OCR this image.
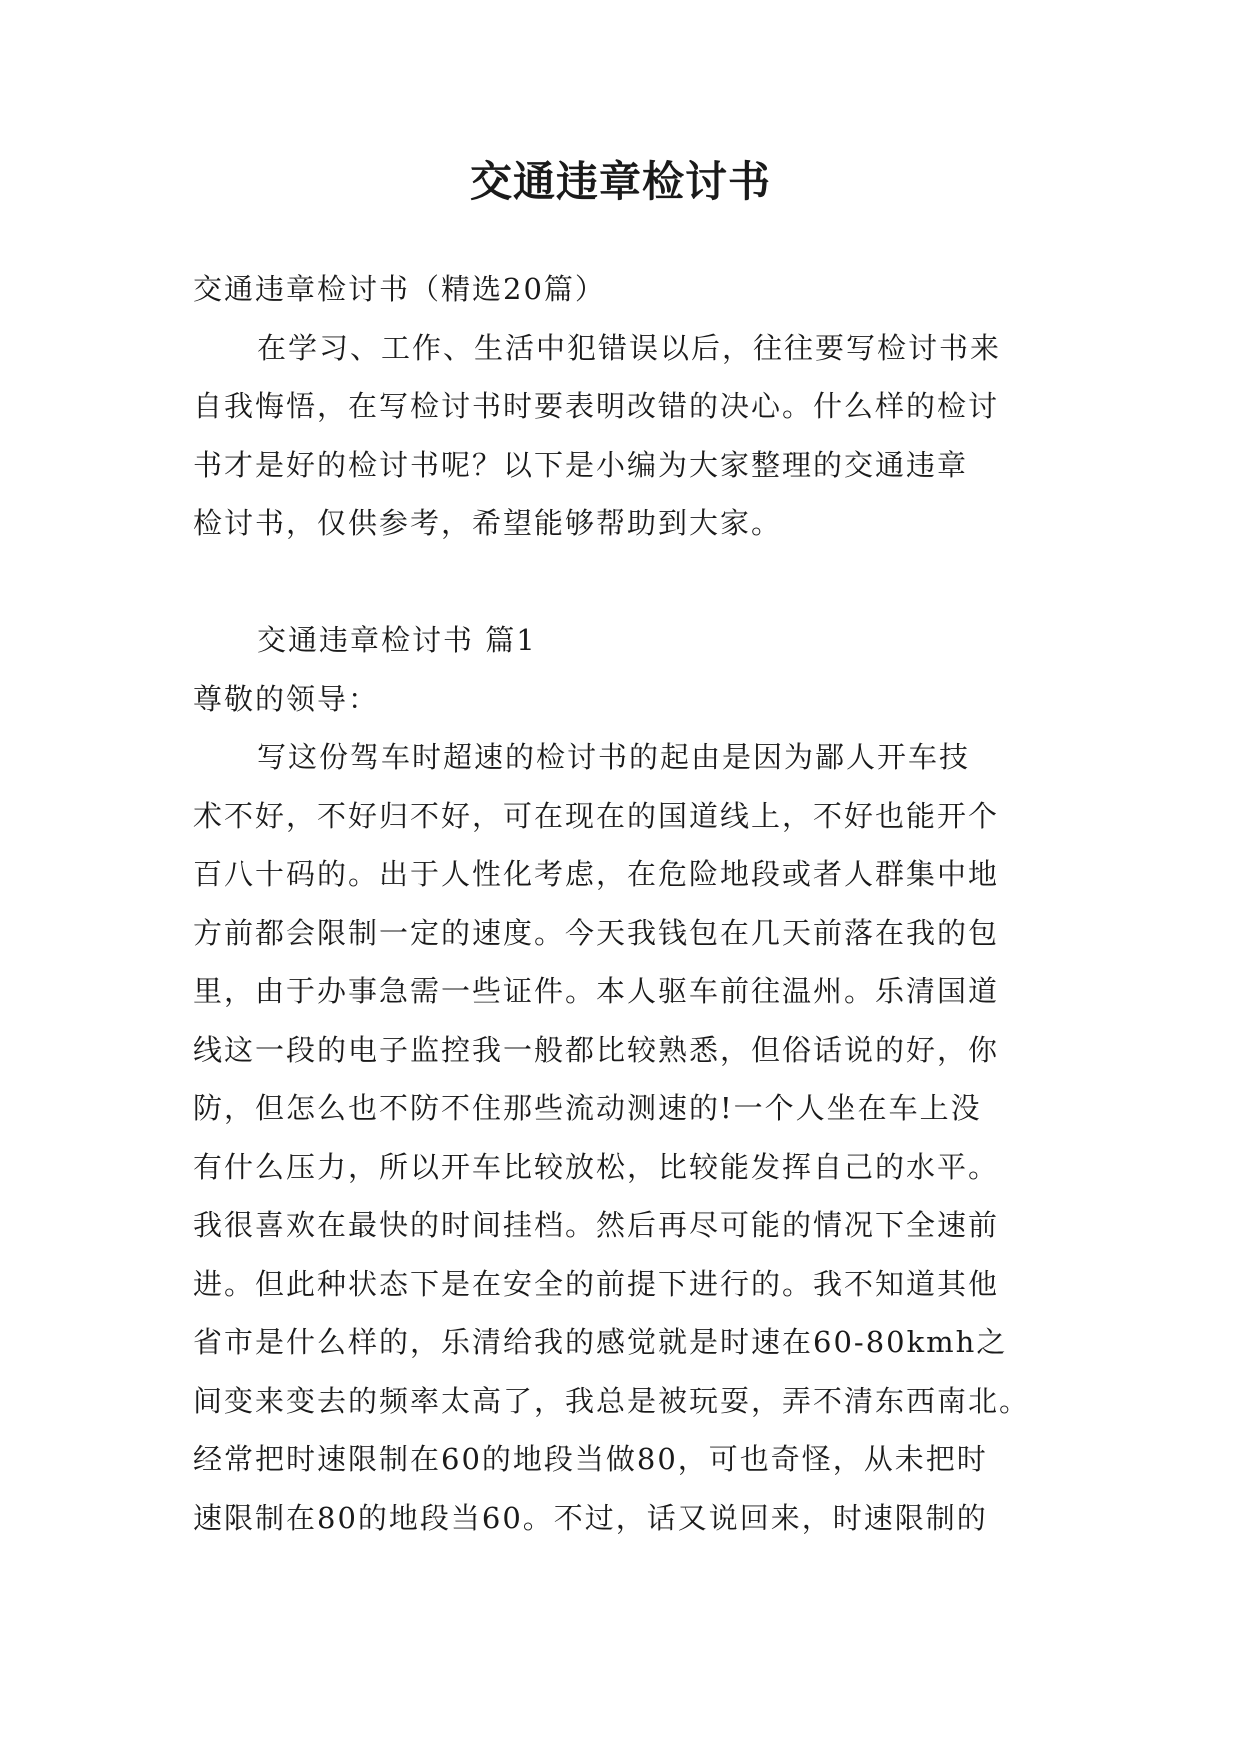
交通违章检讨书
交通违章检讨书（精选20篇）
在学习、工作、生活中犯错误以后，往往要写检讨书来
自我悔悟，在写检讨书时要表明改错的决心。什么样的检讨
书才是好的检讨书呢？以下是小编为大家整理的交通违章
检讨书，仅供参考，希望能够帮助到大家。
交通违章检讨书 篇1
尊敬的领导：
写这份驾车时超速的检讨书的起由是因为鄙人开车技
术不好，不好归不好，可在现在的国道线上，不好也能开个
百八十码的。出于人性化考虑，在危险地段或者人群集中地
方前都会限制一定的速度。今天我钱包在几天前落在我的包
里，由于办事急需一些证件。本人驱车前往温州。乐清国道
线这一段的电子监控我一般都比较熟悉，但俗话说的好，你
防，但怎么也不防不住那些流动测速的!一个人坐在车上没
有什么压力，所以开车比较放松，比较能发挥自己的水平。
我很喜欢在最快的时间挂档。然后再尽可能的情况下全速前
进。但此种状态下是在安全的前提下进行的。我不知道其他
省市是什么样的，乐清给我的感觉就是时速在60-80kmh之
间变来变去的频率太高了，我总是被玩耍，弄不清东西南北。
经常把时速限制在60的地段当做80，可也奇怪，从未把时
速限制在80的地段当60。不过，话又说回来，时速限制的
